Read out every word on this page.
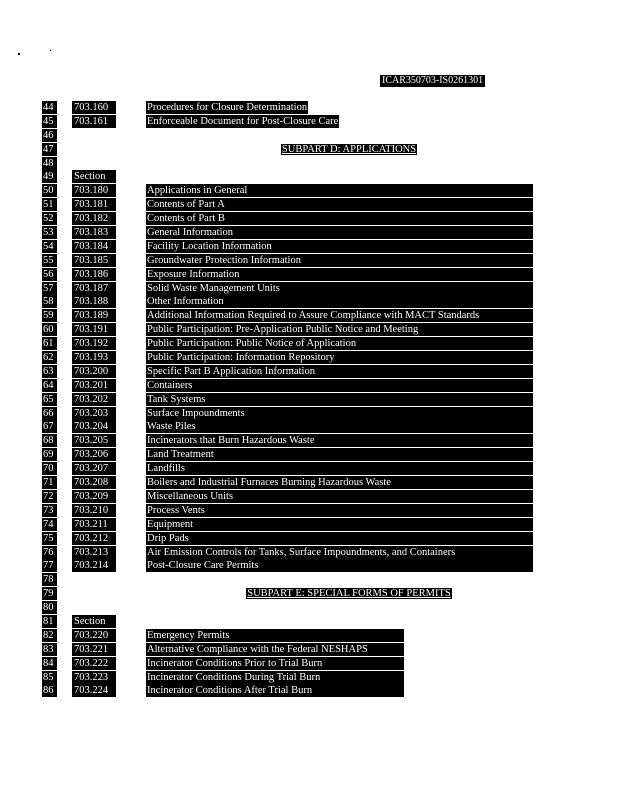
ICAR350703-IS0261301
44	703.160	Procedures for Closure Determination
45	703.161	Enforceable Document for Post-Closure Care
46
47	SUBPART D: APPLICATIONS
48
49	Section
50	703.180	Applications in General
51	703.181	Contents of Part A
52	703.182	Contents of Part B
53	703.183	General Information
54	703.184	Facility Location Information
55	703.185	Groundwater Protection Information
56	703.186	Exposure Information
57	703.187	Solid Waste Management Units
58	703.188	Other Information
59	703.189	Additional Information Required to Assure Compliance with MACT Standards
60	703.191	Public Participation: Pre-Application Public Notice and Meeting
61	703.192	Public Participation: Public Notice of Application
62	703.193	Public Participation: Information Repository
63	703.200	Specific Part B Application Information
64	703.201	Containers
65	703.202	Tank Systems
66	703.203	Surface Impoundments
67	703.204	Waste Piles
68	703.205	Incinerators that Burn Hazardous Waste
69	703.206	Land Treatment
70	703.207	Landfills
71	703.208	Boilers and Industrial Furnaces Burning Hazardous Waste
72	703.209	Miscellaneous Units
73	703.210	Process Vents
74	703.211	Equipment
75	703.212	Drip Pads
76	703.213	Air Emission Controls for Tanks, Surface Impoundments, and Containers
77	703.214	Post-Closure Care Permits
78
79	SUBPART E: SPECIAL FORMS OF PERMITS
80
81	Section
82	703.220	Emergency Permits
83	703.221	Alternative Compliance with the Federal NESHAPS
84	703.222	Incinerator Conditions Prior to Trial Burn
85	703.223	Incinerator Conditions During Trial Burn
86	703.224	Incinerator Conditions After Trial Burn
